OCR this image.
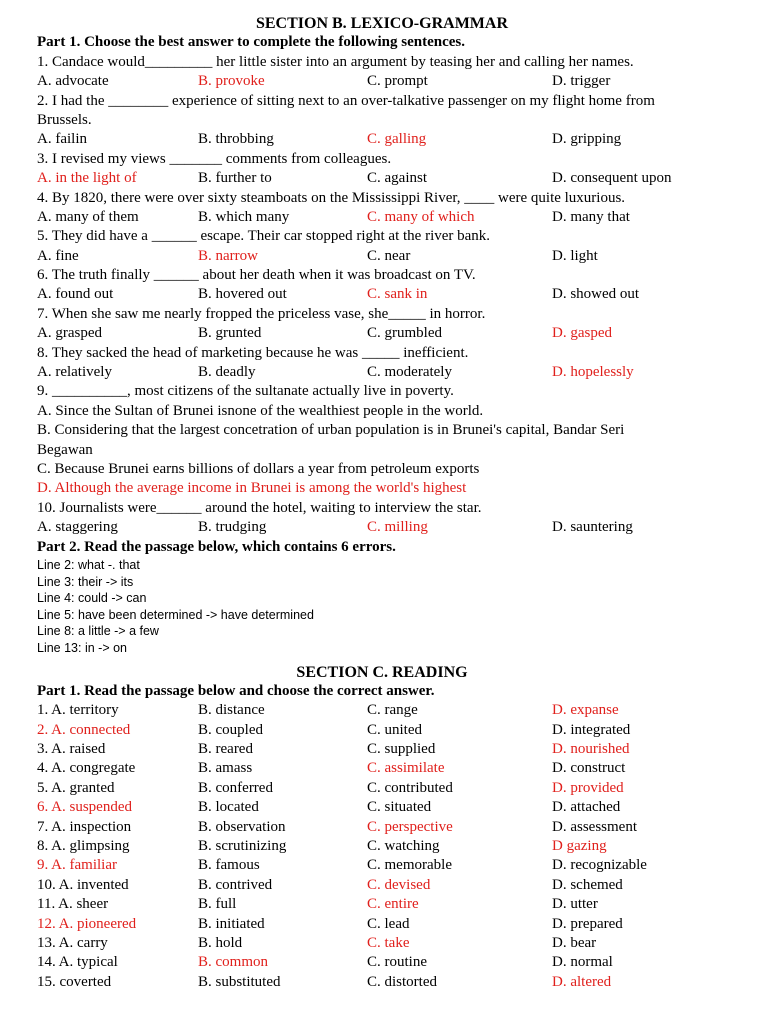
SECTION B. LEXICO-GRAMMAR
Part 1. Choose the best answer to complete the following sentences.
1. Candace would_________ her little sister into an argument by teasing her and calling her names.
A. advocate	B. provoke	C. prompt	D. trigger
2. I had the ________ experience of sitting next to an over-talkative passenger on my flight home from
Brussels.
A. failin	B. throbbing	C. galling	D. gripping
3. I revised my views _______ comments from colleagues.
A. in the light of	B. further to	C. against	D. consequent upon
4. By 1820, there were over sixty steamboats on the Mississippi River, ____ were quite luxurious.
A. many of them	B. which many	C. many of which	D. many that
5. They did have a ______ escape. Their car stopped right at the river bank.
A. fine	B. narrow	C. near	D. light
6. The truth finally ______ about her death when it was broadcast on TV.
A. found out	B. hovered out	C. sank in	D. showed out
7. When she saw me nearly fropped the priceless vase, she_____ in horror.
A. grasped	B. grunted	C. grumbled	D. gasped
8. They sacked the head of marketing because he was _____ inefficient.
A. relatively	B. deadly	C. moderately	D. hopelessly
9. __________, most citizens of the sultanate actually live in poverty.
A. Since the Sultan of Brunei isnone of the wealthiest people in the world.
B. Considering that the largest concetration of urban population is in Brunei's capital, Bandar Seri
Begawan
C. Because Brunei earns billions of dollars a year from petroleum exports
D. Although the average income in Brunei is among the world's highest
10. Journalists were______ around the hotel, waiting to interview the star.
A. staggering	B. trudging	C. milling	D. sauntering
Part 2. Read the passage below, which contains 6 errors.
Line 2: what -. that
Line 3: their -> its
Line 4: could -> can
Line 5: have been determined -> have determined
Line 8: a little -> a few
Line 13: in -> on
SECTION C. READING
Part 1. Read the passage below and choose the correct answer.
1. A. territory	B. distance	C. range	D. expanse
2. A. connected	B. coupled	C. united	D. integrated
3. A. raised	B. reared	C. supplied	D. nourished
4. A. congregate	B. amass	C. assimilate	D. construct
5. A. granted	B. conferred	C. contributed	D. provided
6. A. suspended	B. located	C. situated	D. attached
7. A. inspection	B. observation	C. perspective	D. assessment
8. A. glimpsing	B. scrutinizing	C. watching	D gazing
9. A. familiar	B. famous	C. memorable	D. recognizable
10. A. invented	B. contrived	C. devised	D. schemed
11. A. sheer	B. full	C. entire	D. utter
12. A. pioneered	B. initiated	C. lead	D. prepared
13. A. carry	B. hold	C. take	D. bear
14. A. typical	B. common	C. routine	D. normal
15. coverted	B. substituted	C. distorted	D. altered
